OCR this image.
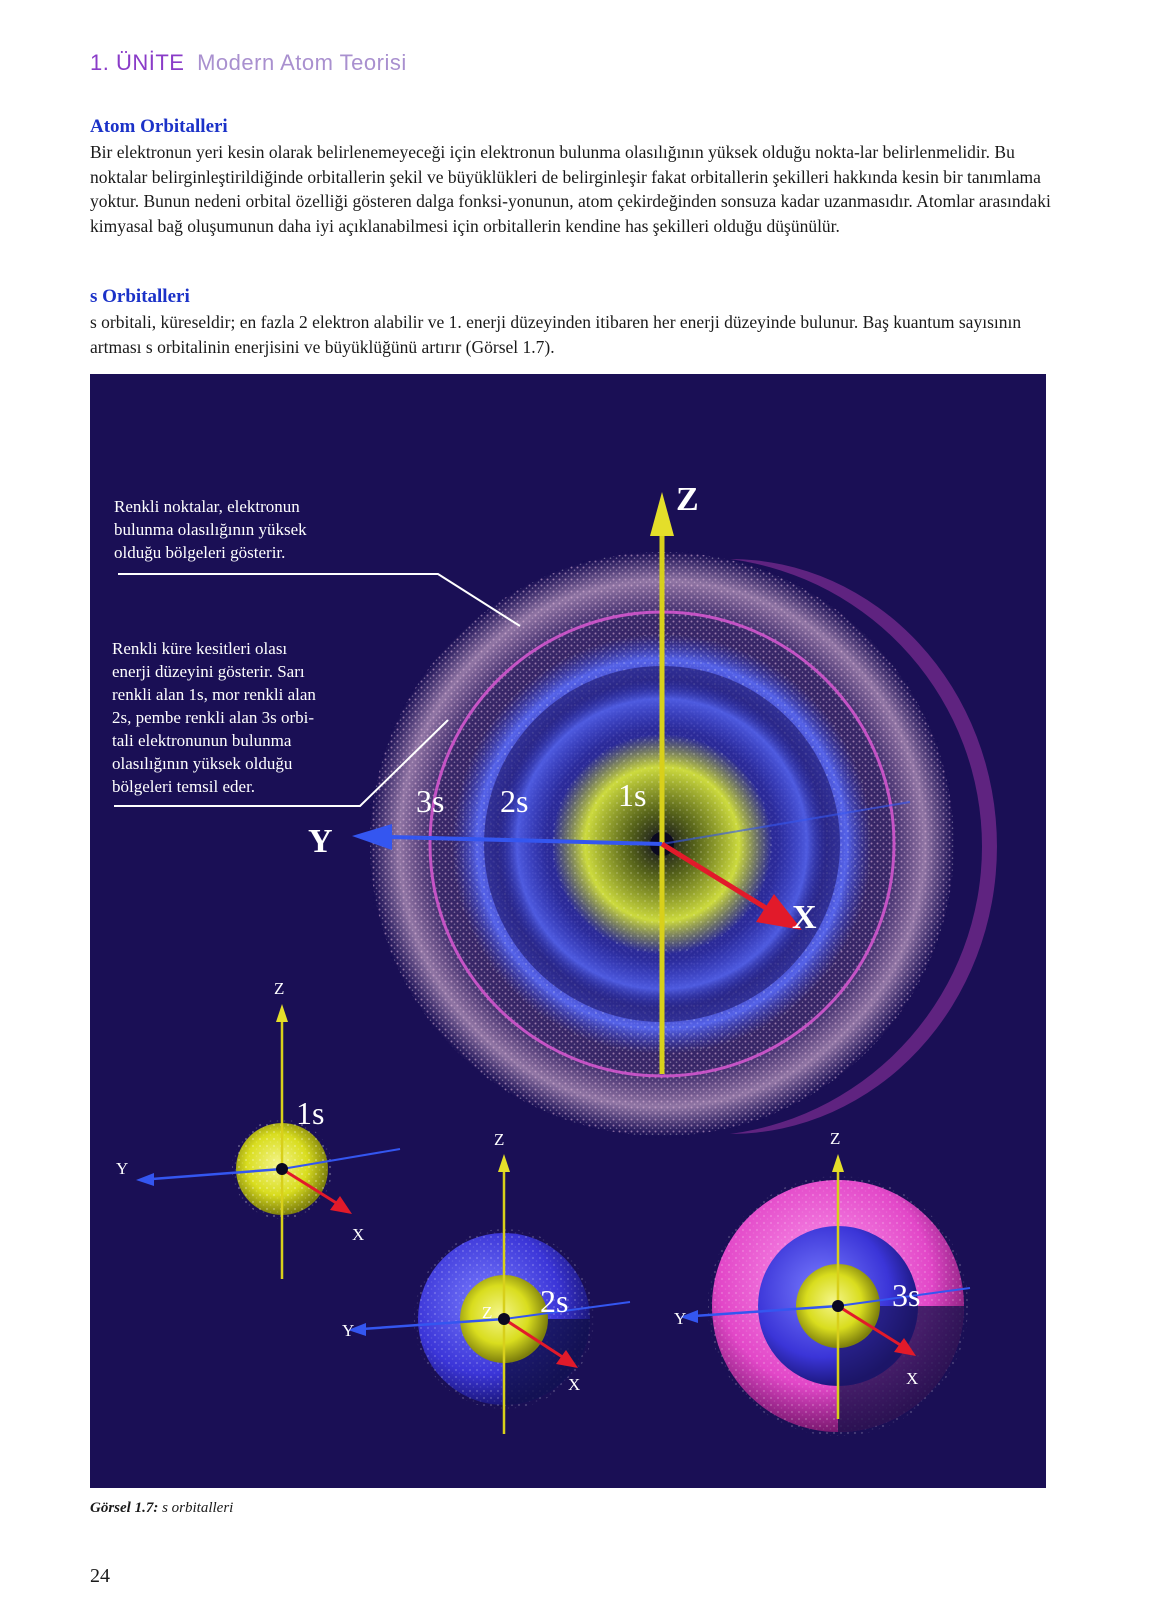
1. ÜNİTE Modern Atom Teorisi
Atom Orbitalleri

Bir elektronun yeri kesin olarak belirlenemeyeceği için elektronun bulunma olasılığının yüksek olduğu nokta-lar belirlenmelidir. Bu noktalar belirginleştirildiğinde orbitallerin şekil ve büyüklükleri de belirginleşir fakat orbitallerin şekilleri hakkında kesin bir tanımlama yoktur. Bunun nedeni orbital özelliği gösteren dalga fonksi-yonunun, atom çekirdeğinden sonsuza kadar uzanmasıdır. Atomlar arasındaki kimyasal bağ oluşumunun daha iyi açıklanabilmesi için orbitallerin kendine has şekilleri olduğu düşünülür.

s Orbitalleri

s orbitali, küreseldir; en fazla 2 elektron alabilir ve 1. enerji düzeyinden itibaren her enerji düzeyinde bulunur. Baş kuantum sayısının artması s orbitalinin enerjisini ve büyüklüğünü artırır (Görsel 1.7).

Z
Y
X
3s 2s	1s
Renkli noktalar, elektronun
bulunma olasılığının yüksek
olduğu bölgeleri gösterir.
Renkli küre kesitleri olası
enerji düzeyini gösterir. Sarı
renkli alan 1s, mor renkli alan
2s, pembe renkli alan 3s orbi-
tali elektronunun bulunma
olasılığının yüksek olduğu
bölgeleri temsil eder.
Z
Y
X
1s
Z
Z
Y
X
2s
Z
Y
X
3s
Görsel 1.7: s orbitalleri
24
